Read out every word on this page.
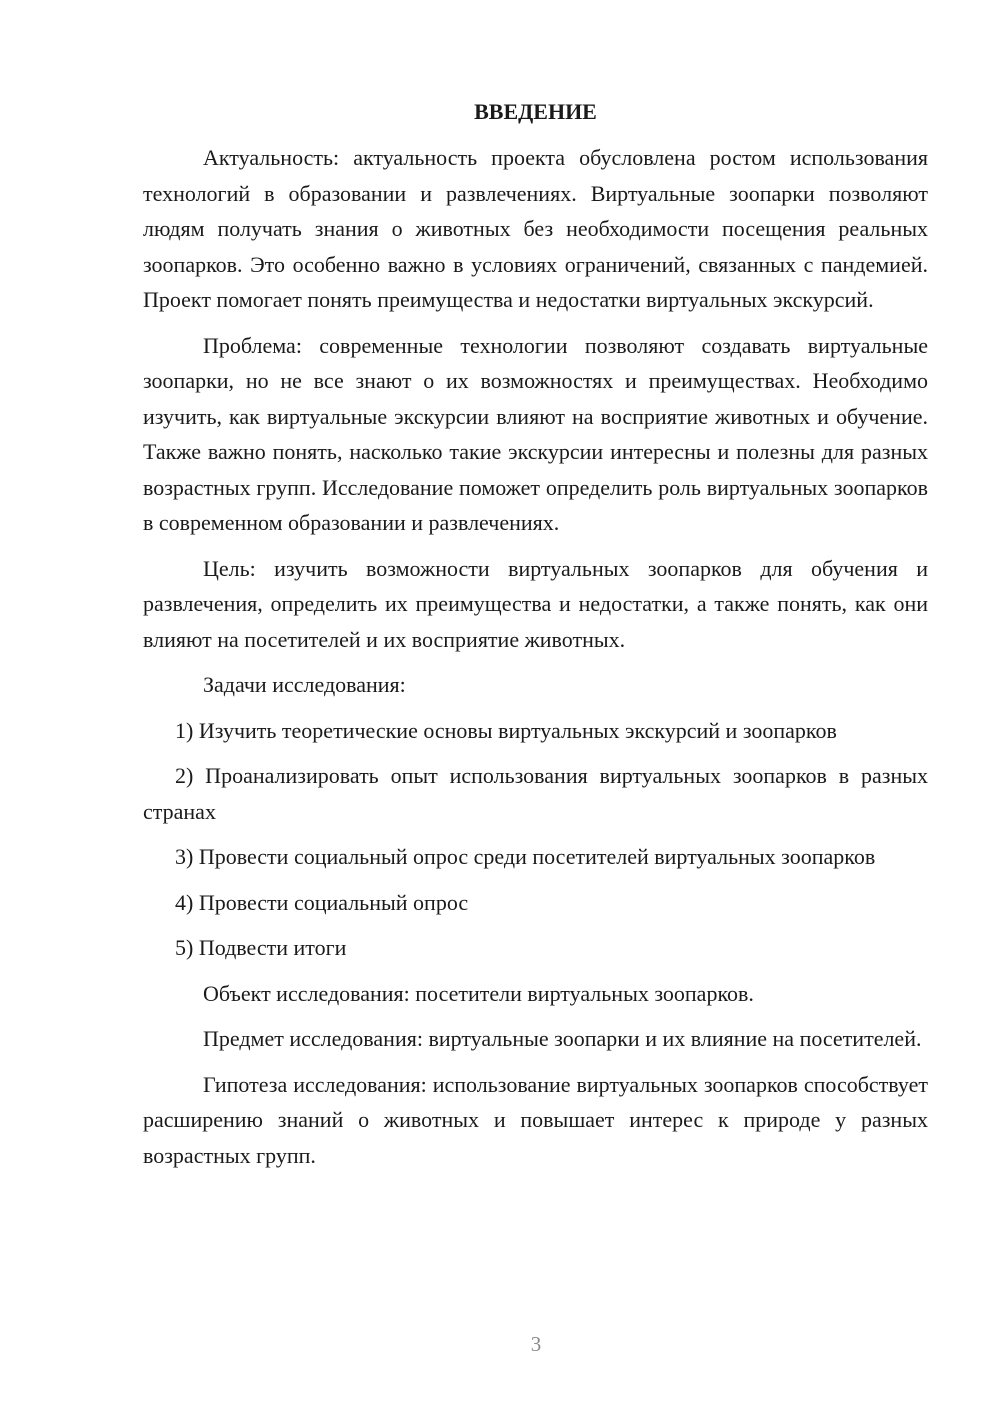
ВВЕДЕНИЕ

Актуальность: актуальность проекта обусловлена ростом использования технологий в образовании и развлечениях. Виртуальные зоопарки позволяют людям получать знания о животных без необходимости посещения реальных зоопарков. Это особенно важно в условиях ограничений, связанных с пандемией. Проект помогает понять преимущества и недостатки виртуальных экскурсий.

Проблема: современные технологии позволяют создавать виртуальные зоопарки, но не все знают о их возможностях и преимуществах. Необходимо изучить, как виртуальные экскурсии влияют на восприятие животных и обучение. Также важно понять, насколько такие экскурсии интересны и полезны для разных возрастных групп. Исследование поможет определить роль виртуальных зоопарков в современном образовании и развлечениях.

Цель: изучить возможности виртуальных зоопарков для обучения и развлечения, определить их преимущества и недостатки, а также понять, как они влияют на посетителей и их восприятие животных.

Задачи исследования:

1) Изучить теоретические основы виртуальных экскурсий и зоопарков

2) Проанализировать опыт использования виртуальных зоопарков в разных странах

3) Провести социальный опрос среди посетителей виртуальных зоопарков

4) Провести социальный опрос

5) Подвести итоги

Объект исследования: посетители виртуальных зоопарков.

Предмет исследования: виртуальные зоопарки и их влияние на посетителей.

Гипотеза исследования: использование виртуальных зоопарков способствует расширению знаний о животных и повышает интерес к природе у разных возрастных групп.

3
